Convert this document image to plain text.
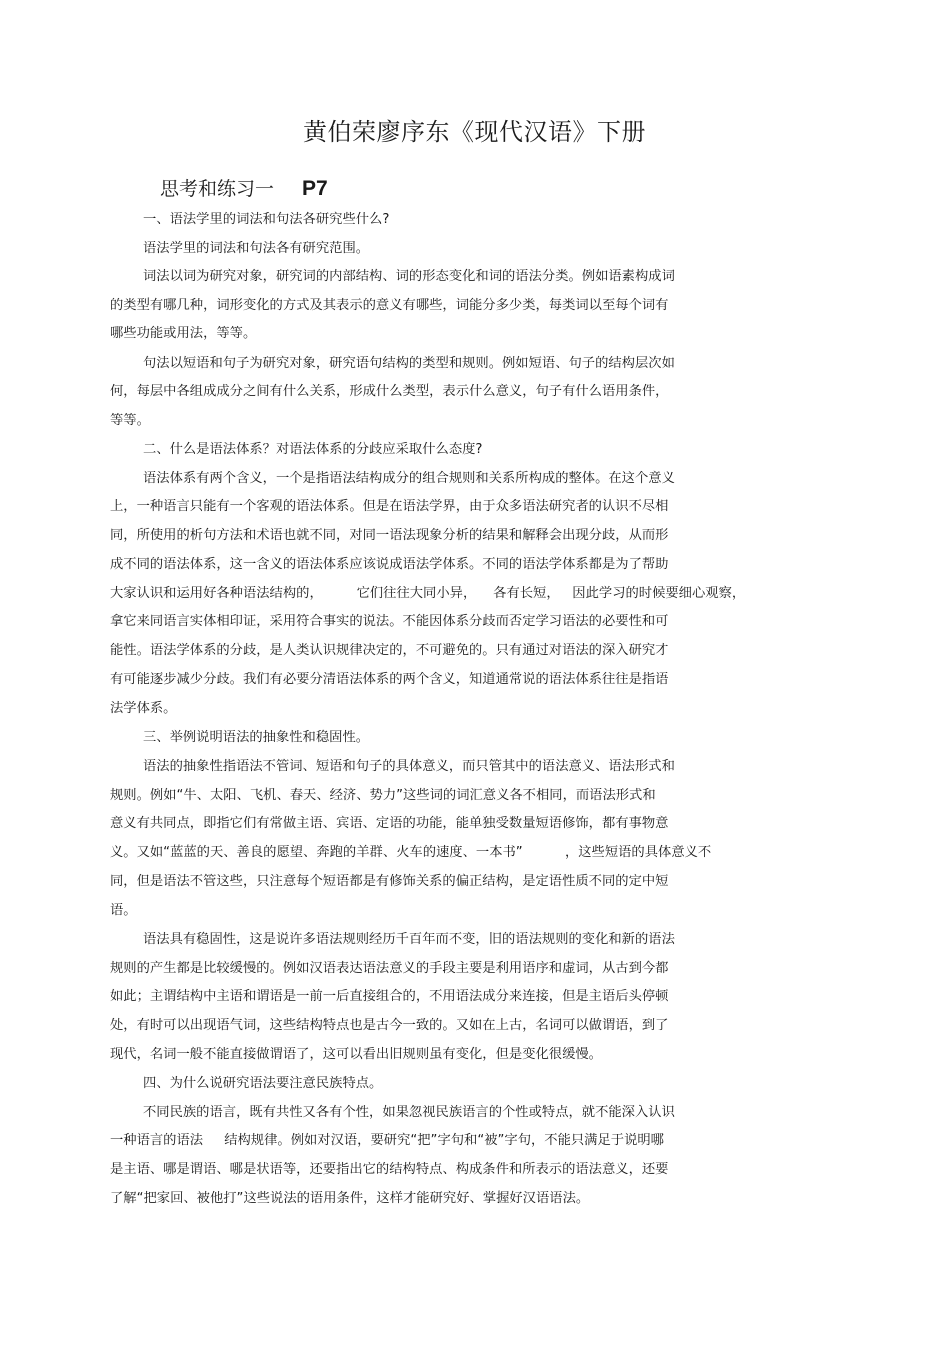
黄伯荣廖序东《现代汉语》下册
思考和练习一 P7
一、语法学里的词法和句法各研究些什么?
语法学里的词法和句法各有研究范围。
词法以词为研究对象，研究词的内部结构、词的形态变化和词的语法分类。例如语素构成词
的类型有哪几种，词形变化的方式及其表示的意义有哪些，词能分多少类，每类词以至每个词有
哪些功能或用法，等等。
句法以短语和句子为研究对象，研究语句结构的类型和规则。例如短语、句子的结构层次如
何，每层中各组成成分之间有什么关系，形成什么类型，表示什么意义，句子有什么语用条件，
等等。
二、什么是语法体系？对语法体系的分歧应采取什么态度?
语法体系有两个含义，一个是指语法结构成分的组合规则和关系所构成的整体。在这个意义
上，一种语言只能有一个客观的语法体系。但是在语法学界，由于众多语法研究者的认识不尽相
同，所使用的析句方法和术语也就不同，对同一语法现象分析的结果和解释会出现分歧，从而形
成不同的语法体系，这一含义的语法体系应该说成语法学体系。不同的语法学体系都是为了帮助
大家认识和运用好各种语法结构的，        它们往往大同小异，    各有长短，   因此学习的时候要细心观察，
拿它来同语言实体相印证，采用符合事实的说法。不能因体系分歧而否定学习语法的必要性和可
能性。语法学体系的分歧，是人类认识规律决定的，不可避免的。只有通过对语法的深入研究才
有可能逐步减少分歧。我们有必要分清语法体系的两个含义，知道通常说的语法体系往往是指语
法学体系。
三、举例说明语法的抽象性和稳固性。
语法的抽象性指语法不管词、短语和句子的具体意义，而只管其中的语法意义、语法形式和
规则。例如“牛、太阳、飞机、春天、经济、势力”这些词的词汇意义各不相同，而语法形式和
意义有共同点，即指它们有常做主语、宾语、定语的功能，能单独受数量短语修饰，都有事物意
义。又如“蓝蓝的天、善良的愿望、奔跑的羊群、火车的速度、一本书”          ，这些短语的具体意义不
同，但是语法不管这些，只注意每个短语都是有修饰关系的偏正结构，是定语性质不同的定中短
语。
语法具有稳固性，这是说许多语法规则经历千百年而不变，旧的语法规则的变化和新的语法
规则的产生都是比较缓慢的。例如汉语表达语法意义的手段主要是利用语序和虚词，从古到今都
如此；主谓结构中主语和谓语是一前一后直接组合的，不用语法成分来连接，但是主语后头停顿
处，有时可以出现语气词，这些结构特点也是古今一致的。又如在上古，名词可以做谓语，到了
现代，名词一般不能直接做谓语了，这可以看出旧规则虽有变化，但是变化很缓慢。
四、为什么说研究语法要注意民族特点。
不同民族的语言，既有共性又各有个性，如果忽视民族语言的个性或特点，就不能深入认识
一种语言的语法     结构规律。例如对汉语，要研究“把”字句和“被”字句，不能只满足于说明哪
是主语、哪是谓语、哪是状语等，还要指出它的结构特点、构成条件和所表示的语法意义，还要
了解“把家回、被他打”这些说法的语用条件，这样才能研究好、掌握好汉语语法。
